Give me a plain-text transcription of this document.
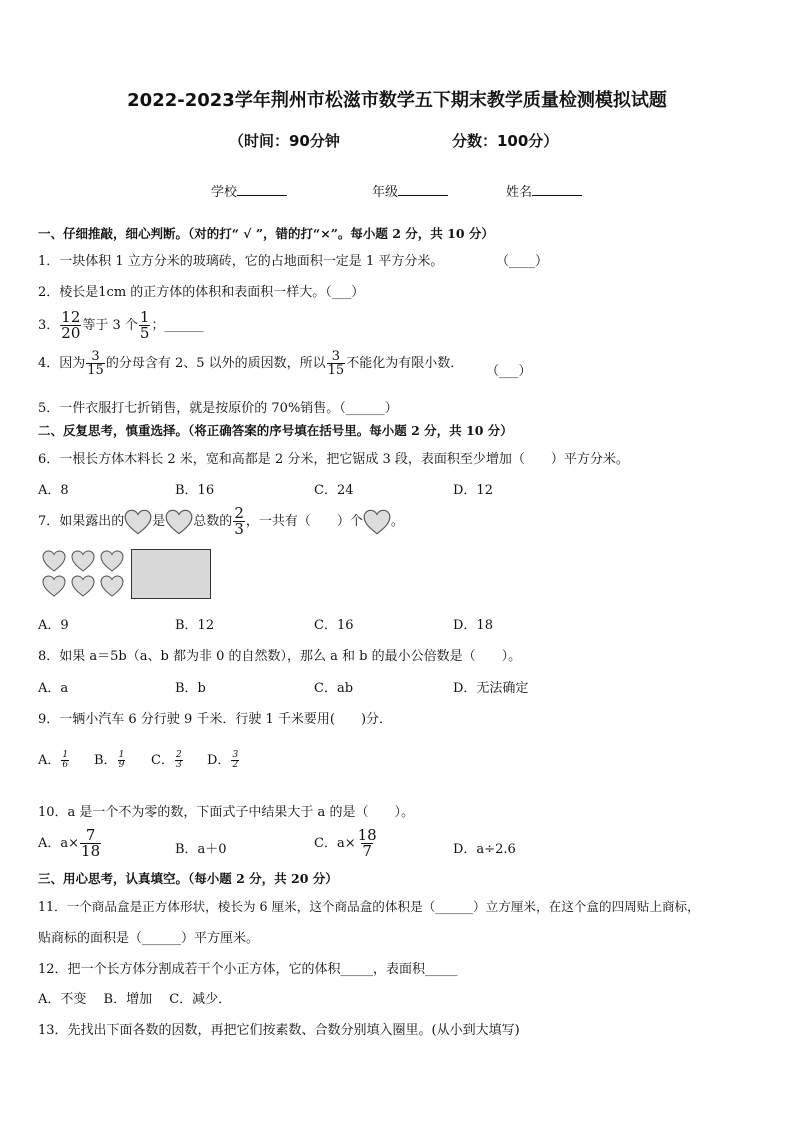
2022-2023学年荆州市松滋市数学五下期末教学质量检测模拟试题
（时间：90分钟	分数：100分）
学校	年级	姓名
一、仔细推敲，细心判断。（对的打“ √ ”，错的打“×”。每小题 2 分，共 10 分）
1．一块体积 1 立方分米的玻璃砖，它的占地面积一定是 1 平方分米。	（____）
2．棱长是1cm 的正方体的体积和表面积一样大。（___）
3． $\frac{12}{20}$ 等于 3 个 $\frac{1}{5}$ ；______
4．因为 $\frac{3}{15}$ 的分母含有 2、5 以外的质因数，所以 $\frac{3}{15}$ 不能化为有限小数．
（___）
5．一件衣服打七折销售，就是按原价的 70%销售。（______）
二、反复思考，慎重选择。（将正确答案的序号填在括号里。每小题 2 分，共 10 分）
6．一根长方体木料长 2 米，宽和高都是 2 分米，把它锯成 3 段，表面积至少增加（　　）平方分米。
A．8	B．16	C．24	D．12
7．如果露出的 是 总数的 $\frac{2}{3}$ ，一共有（　　）个 。
A．9	B．12	C．16	D．18
8．如果 a＝5b（a、b 都为非 0 的自然数），那么 a 和 b 的最小公倍数是（　　）。
A．a	B．b	C．ab	D．无法确定
9．一辆小汽车 6 分行驶 9 千米．行驶 1 千米要用(　　)分．
A． $\frac{1}{6}$ B． $\frac{1}{9}$ C． $\frac{2}{3}$ D． $\frac{3}{2}$
10．a 是一个不为零的数，下面式子中结果大于 a 的是（　　）。
A．$a\times \frac{7}{18}$	B．a＋0	C．$a\times \frac{18}{7}$	D．a÷2.6
三、用心思考，认真填空。（每小题 2 分，共 20 分）
11．一个商品盒是正方体形状，棱长为 6 厘米，这个商品盒的体积是（______）立方厘米，在这个盒的四周贴上商标，
贴商标的面积是（______）平方厘米。
12．把一个长方体分割成若干个小正方体，它的体积_____，表面积_____
A．不变　 B．增加　 C．减少．
13．先找出下面各数的因数，再把它们按素数、合数分别填入圈里。(从小到大填写)
